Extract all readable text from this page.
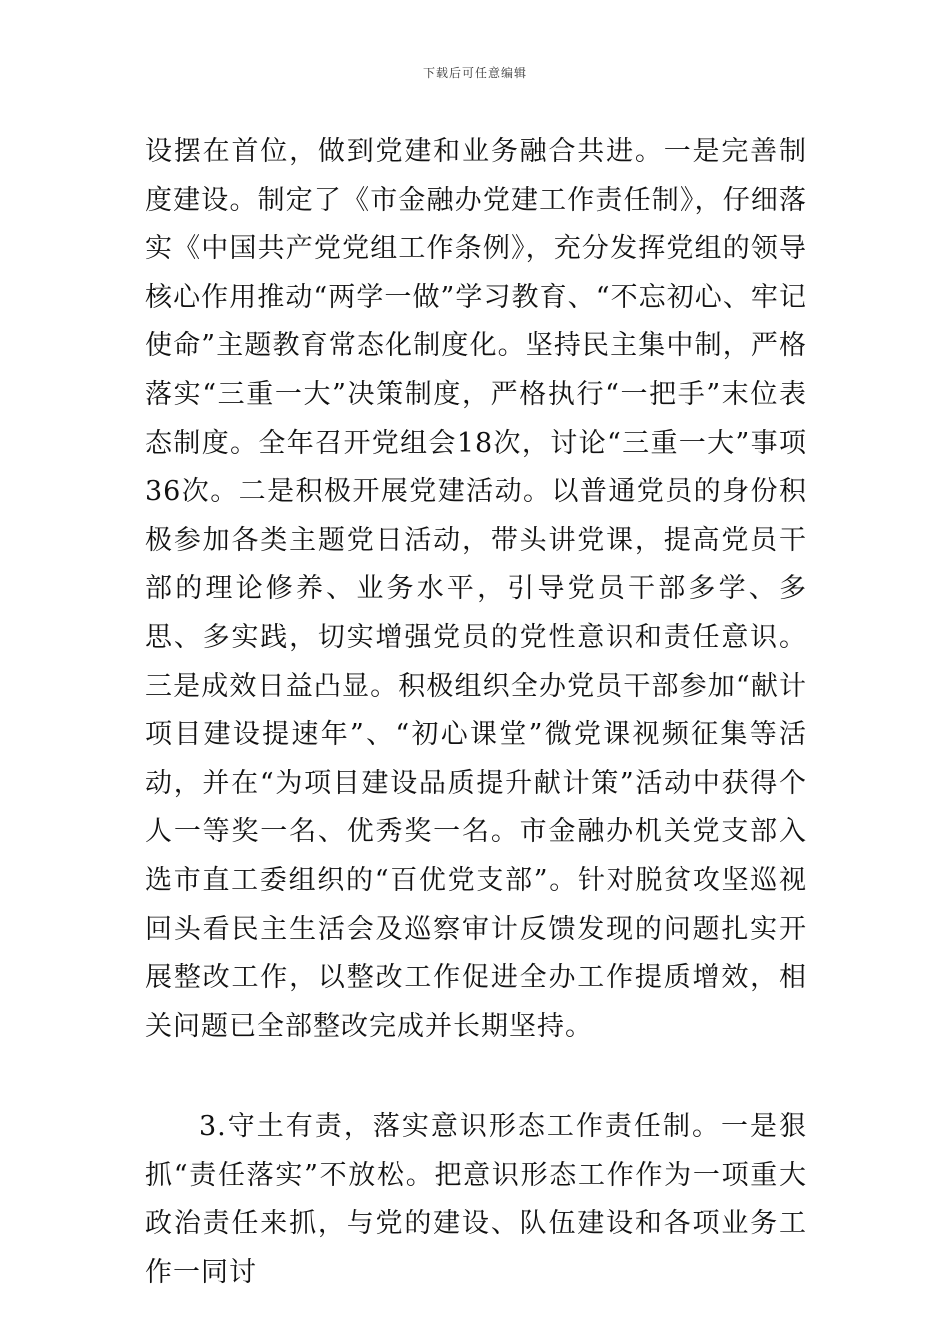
下载后可任意编辑

设摆在首位，做到党建和业务融合共进。一是完善制度建设。制定了《市金融办党建工作责任制》，仔细落实《中国共产党党组工作条例》，充分发挥党组的领导核心作用推动“两学一做”学习教育、“不忘初心、牢记使命”主题教育常态化制度化。坚持民主集中制，严格落实“三重一大”决策制度，严格执行“一把手”末位表态制度。全年召开党组会18次，讨论“三重一大”事项36次。二是积极开展党建活动。以普通党员的身份积极参加各类主题党日活动，带头讲党课，提高党员干部的理论修养、业务水平，引导党员干部多学、多思、多实践，切实增强党员的党性意识和责任意识。三是成效日益凸显。积极组织全办党员干部参加“献计项目建设提速年”、“初心课堂”微党课视频征集等活动，并在“为项目建设品质提升献计策”活动中获得个人一等奖一名、优秀奖一名。市金融办机关党支部入选市直工委组织的“百优党支部”。针对脱贫攻坚巡视回头看民主生活会及巡察审计反馈发现的问题扎实开展整改工作，以整改工作促进全办工作提质增效，相关问题已全部整改完成并长期坚持。

3.守土有责，落实意识形态工作责任制。一是狠抓“责任落实”不放松。把意识形态工作作为一项重大政治责任来抓，与党的建设、队伍建设和各项业务工作一同讨
